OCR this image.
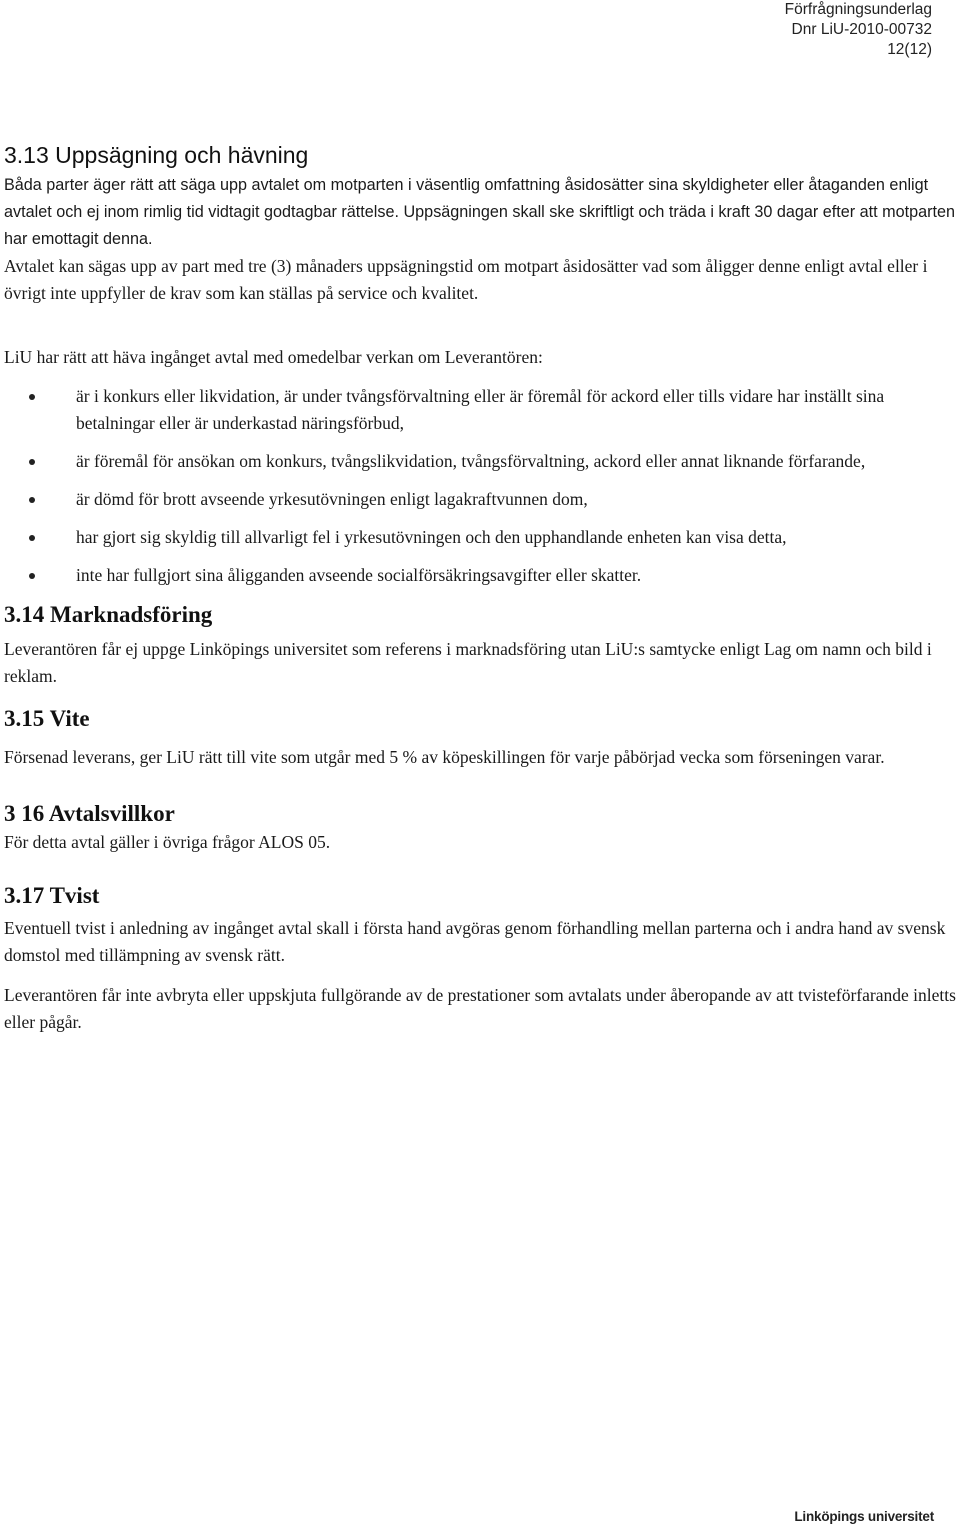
Förfrågningsunderlag
Dnr LiU-2010-00732
12(12)
3.13 Uppsägning och hävning

Båda parter äger rätt att säga upp avtalet om motparten i väsentlig omfattning åsidosätter sina skyldigheter eller åtaganden enligt avtalet och ej inom rimlig tid vidtagit godtagbar rättelse. Uppsägningen skall ske skriftligt och träda i kraft 30 dagar efter att motparten har emottagit denna.

Avtalet kan sägas upp av part med tre (3) månaders uppsägningstid om motpart åsidosätter vad som åligger denne enligt avtal eller i övrigt inte uppfyller de krav som kan ställas på service och kvalitet.

LiU har rätt att häva ingånget avtal med omedelbar verkan om Leverantören:

är i konkurs eller likvidation, är under tvångsförvaltning eller är föremål för ackord eller tills vidare har inställt sina betalningar eller är underkastad näringsförbud,
är föremål för ansökan om konkurs, tvångslikvidation, tvångsförvaltning, ackord eller annat liknande förfarande,
är dömd för brott avseende yrkesutövningen enligt lagakraftvunnen dom,
har gjort sig skyldig till allvarligt fel i yrkesutövningen och den upphandlande enheten kan visa detta,
inte har fullgjort sina åligganden avseende socialförsäkringsavgifter eller skatter.
3.14 Marknadsföring

Leverantören får ej uppge Linköpings universitet som referens i marknadsföring utan LiU:s samtycke enligt Lag om namn och bild i reklam.

3.15 Vite

Försenad leverans, ger LiU rätt till vite som utgår med 5 % av köpeskillingen för varje påbörjad vecka som förseningen varar.

3 16 Avtalsvillkor

För detta avtal gäller i övriga frågor ALOS 05.

3.17 Tvist

Eventuell tvist i anledning av ingånget avtal skall i första hand avgöras genom förhandling mellan parterna och i andra hand av svensk domstol med tillämpning av svensk rätt.

Leverantören får inte avbryta eller uppskjuta fullgörande av de prestationer som avtalats under åberopande av att tvisteförfarande inletts eller pågår.

Linköpings universitet
